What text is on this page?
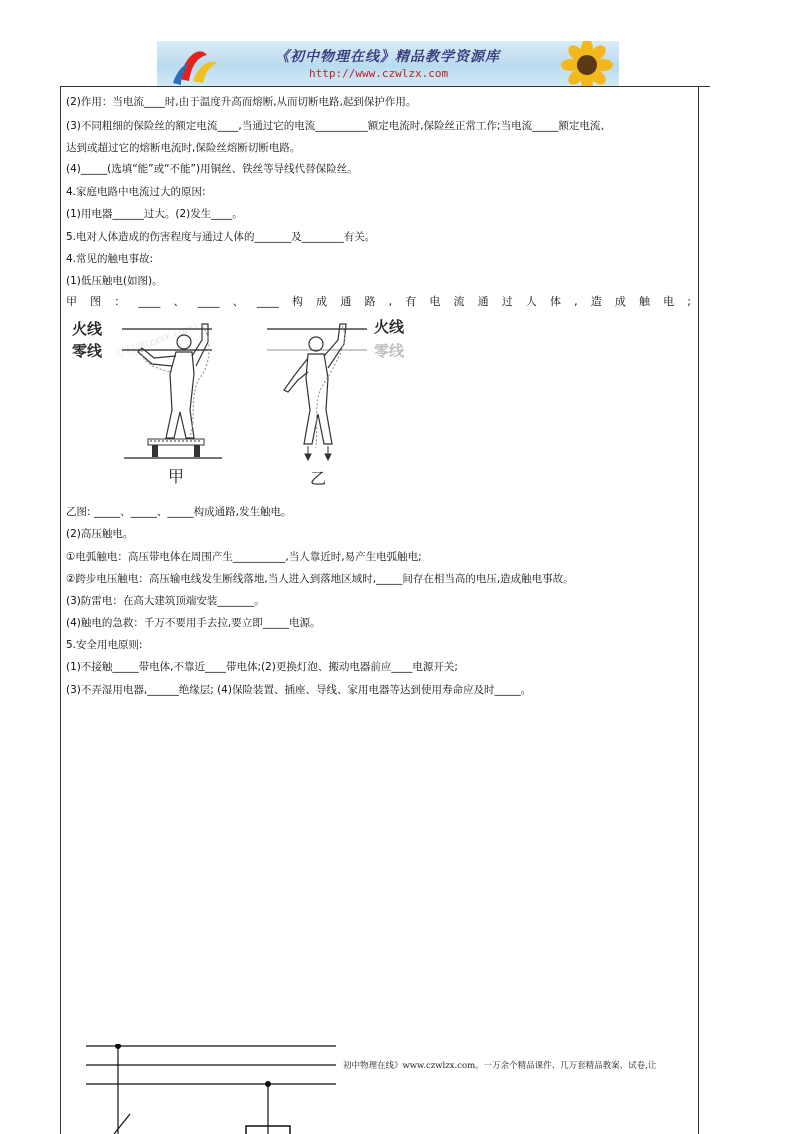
《初中物理在线》精品教学资源库
http://www.czwlzx.com
(2)作用：当电流____时,由于温度升高而熔断,从而切断电路,起到保护作用。
(3)不同粗细的保险丝的额定电流____,当通过它的电流__________额定电流时,保险丝正常工作;当电流_____额定电流、
达到或超过它的熔断电流时,保险丝熔断切断电路。
(4)_____(选填“能”或“不能”)用铜丝、铁丝等导线代替保险丝。
4.家庭电路中电流过大的原因:
(1)用电器______过大。(2)发生____。
5.电对人体造成的伤害程度与通过人体的_______及________有关。
4.常见的触电事故:
(1)低压触电(如图)。
甲图：____、____、____构成通路,有电流通过人体,造成触电;
学科网(zxxk.com)
火线
零线
火线
零线
甲	乙
乙图: _____、_____、_____构成通路,发生触电。
(2)高压触电。
①电弧触电：高压带电体在周围产生__________,当人靠近时,易产生电弧触电;
②跨步电压触电：高压输电线发生断线落地,当人进入到落地区域时,_____间存在相当高的电压,造成触电事故。
(3)防雷电：在高大建筑顶端安装_______。
(4)触电的急救：千万不要用手去拉,要立即_____电源。
5.安全用电原则:
(1)不接触_____带电体,不靠近____带电体;(2)更换灯泡、搬动电器前应____电源开关;
(3)不弄湿用电器,______绝缘层; (4)保险装置、插座、导线、家用电器等达到使用寿命应及时_____。
初中物理在线》www.czwlzx.com。一万余个精品课件、几万套精品教案、试卷,让
